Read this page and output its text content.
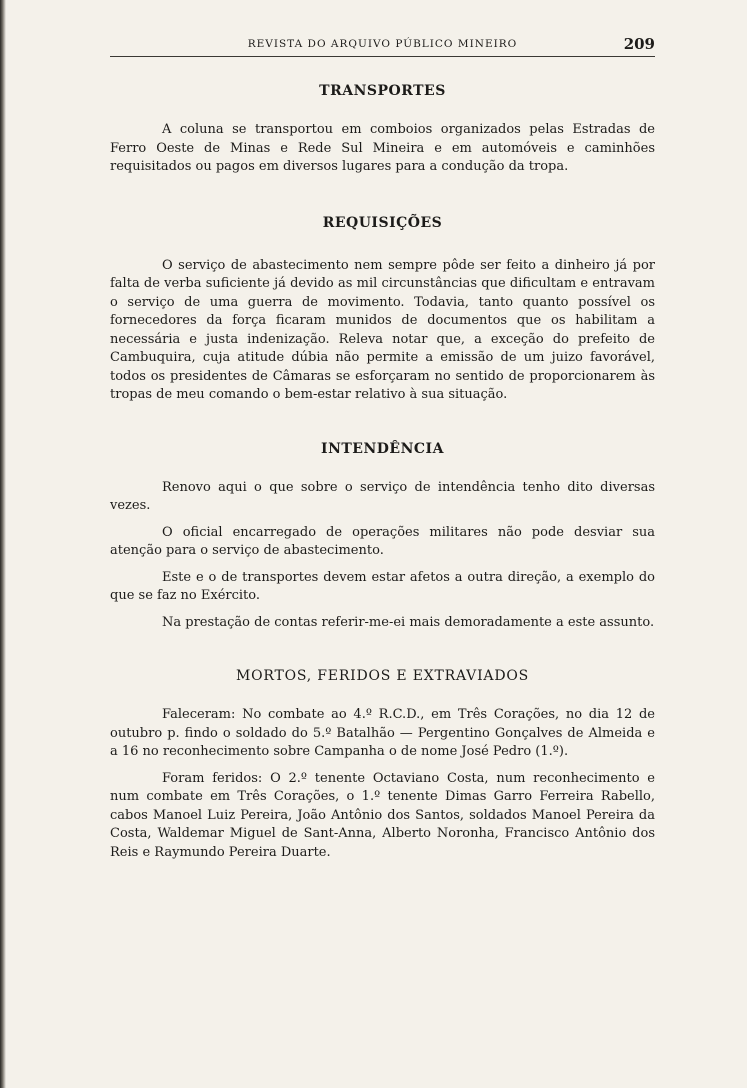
REVISTA DO ARQUIVO PÚBLICO MINEIRO	209
TRANSPORTES

A coluna se transportou em comboios organizados pelas Estradas de Ferro Oeste de Minas e Rede Sul Mineira e em automóveis e caminhões requisitados ou pagos em diversos lugares para a condução da tropa.

REQUISIÇÕES

O serviço de abastecimento nem sempre pôde ser feito a dinheiro já por falta de verba suficiente já devido as mil circunstâncias que dificultam e entravam o serviço de uma guerra de movimento. Todavia, tanto quanto possível os fornecedores da força ficaram munidos de documentos que os habilitam a necessária e justa indenização. Releva notar que, a exceção do prefeito de Cambuquira, cuja atitude dúbia não permite a emissão de um juizo favorável, todos os presidentes de Câmaras se esforçaram no sentido de proporcionarem às tropas de meu comando o bem-estar relativo à sua situação.

INTENDÊNCIA

Renovo aqui o que sobre o serviço de intendência tenho dito diversas vezes.

O oficial encarregado de operações militares não pode desviar sua atenção para o serviço de abastecimento.

Este e o de transportes devem estar afetos a outra direção, a exemplo do que se faz no Exército.

Na prestação de contas referir-me-ei mais demoradamente a este assunto.

MORTOS, FERIDOS E EXTRAVIADOS

Faleceram: No combate ao 4.º R.C.D., em Três Corações, no dia 12 de outubro p. findo o soldado do 5.º Batalhão — Pergentino Gonçalves de Almeida e a 16 no reconhecimento sobre Campanha o de nome José Pedro (1.º).

Foram feridos: O 2.º tenente Octaviano Costa, num reconhecimento e num combate em Três Corações, o 1.º tenente Dimas Garro Ferreira Rabello, cabos Manoel Luiz Pereira, João Antônio dos Santos, soldados Manoel Pereira da Costa, Waldemar Miguel de Sant-Anna, Alberto Noronha, Francisco Antônio dos Reis e Raymundo Pereira Duarte.
